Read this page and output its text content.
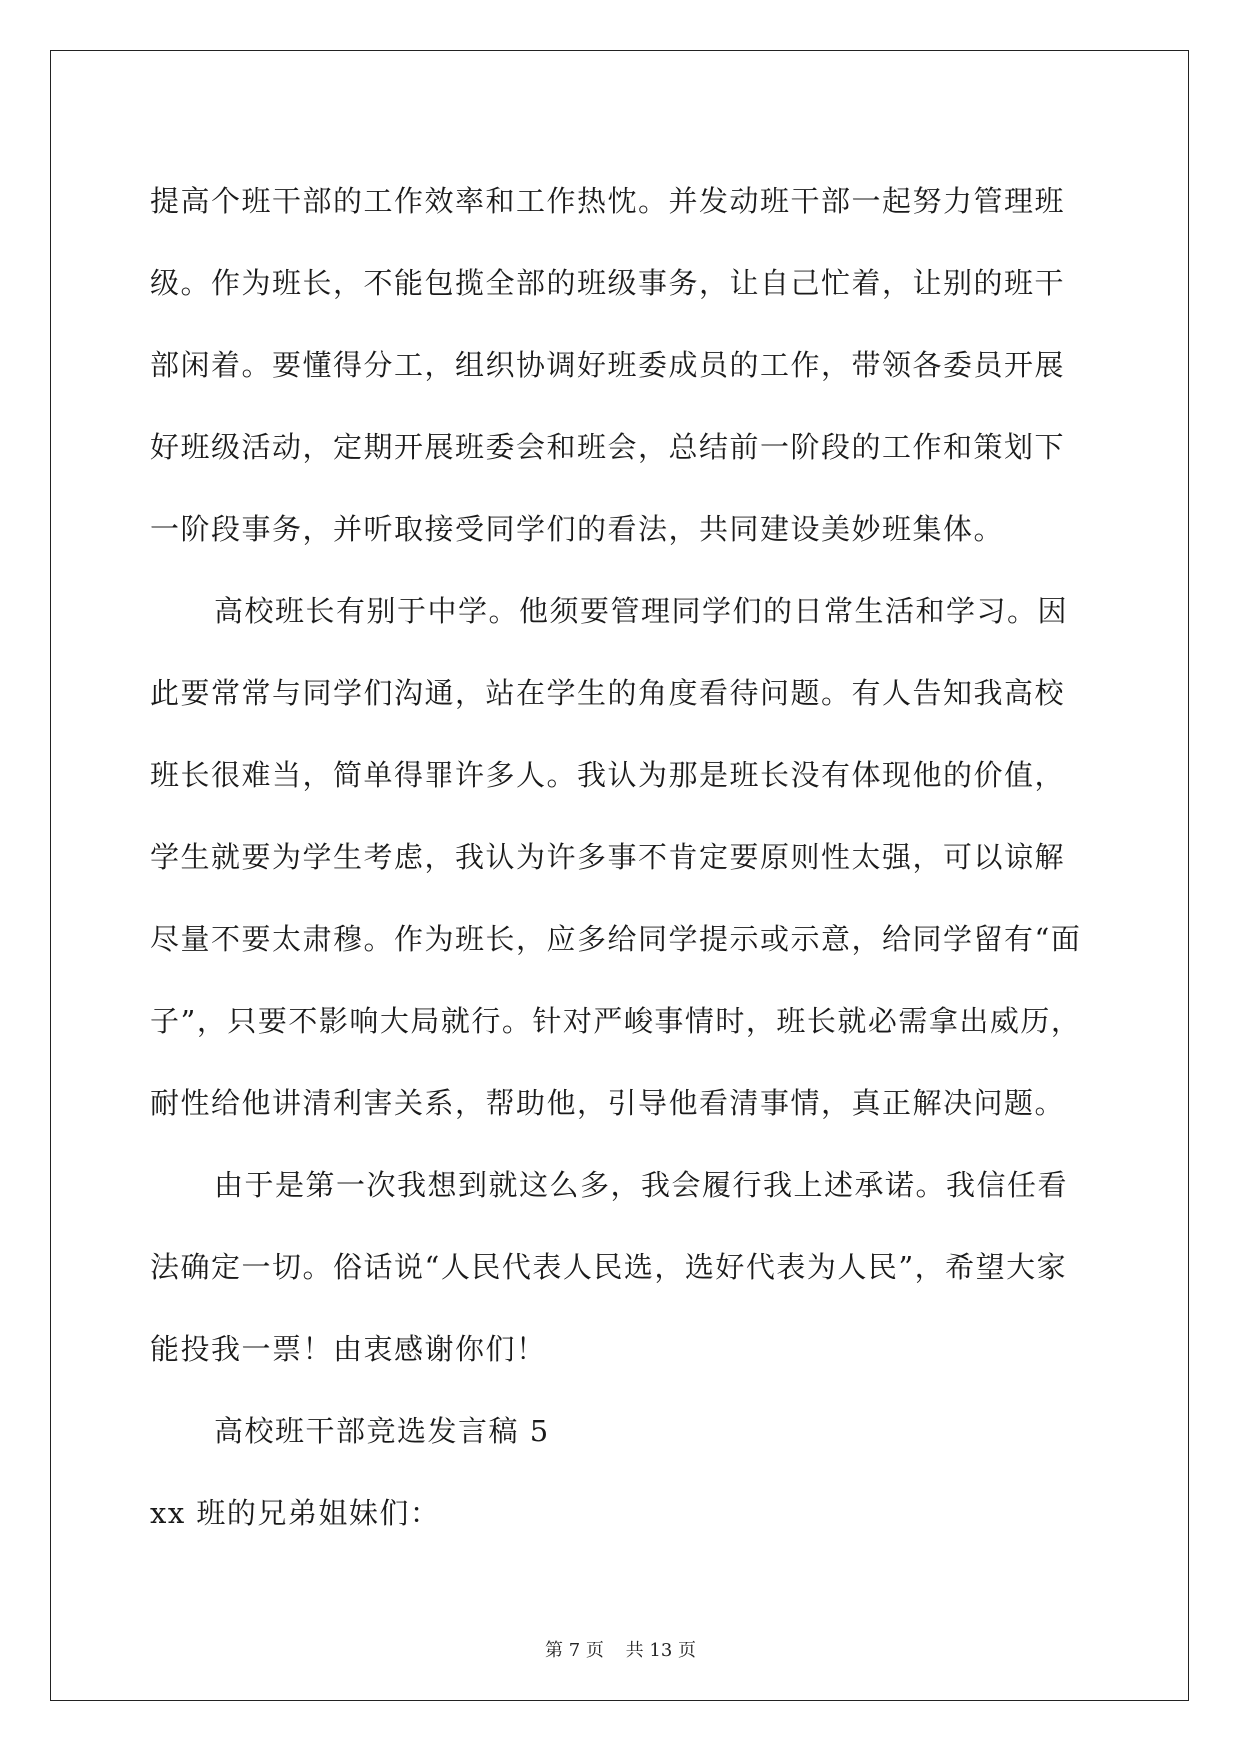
提高个班干部的工作效率和工作热忱。并发动班干部一起努力管理班
级。作为班长，不能包揽全部的班级事务，让自己忙着，让别的班干
部闲着。要懂得分工，组织协调好班委成员的工作，带领各委员开展
好班级活动，定期开展班委会和班会，总结前一阶段的工作和策划下
一阶段事务，并听取接受同学们的看法，共同建设美妙班集体。
高校班长有别于中学。他须要管理同学们的日常生活和学习。因
此要常常与同学们沟通，站在学生的角度看待问题。有人告知我高校
班长很难当，简单得罪许多人。我认为那是班长没有体现他的价值，
学生就要为学生考虑，我认为许多事不肯定要原则性太强，可以谅解
尽量不要太肃穆。作为班长，应多给同学提示或示意，给同学留有“面
子”，只要不影响大局就行。针对严峻事情时，班长就必需拿出威历，
耐性给他讲清利害关系，帮助他，引导他看清事情，真正解决问题。
由于是第一次我想到就这么多，我会履行我上述承诺。我信任看
法确定一切。俗话说“人民代表人民选，选好代表为人民”，希望大家
能投我一票！由衷感谢你们！
高校班干部竞选发言稿 5
xx 班的兄弟姐妹们：
第 7 页 共 13 页
